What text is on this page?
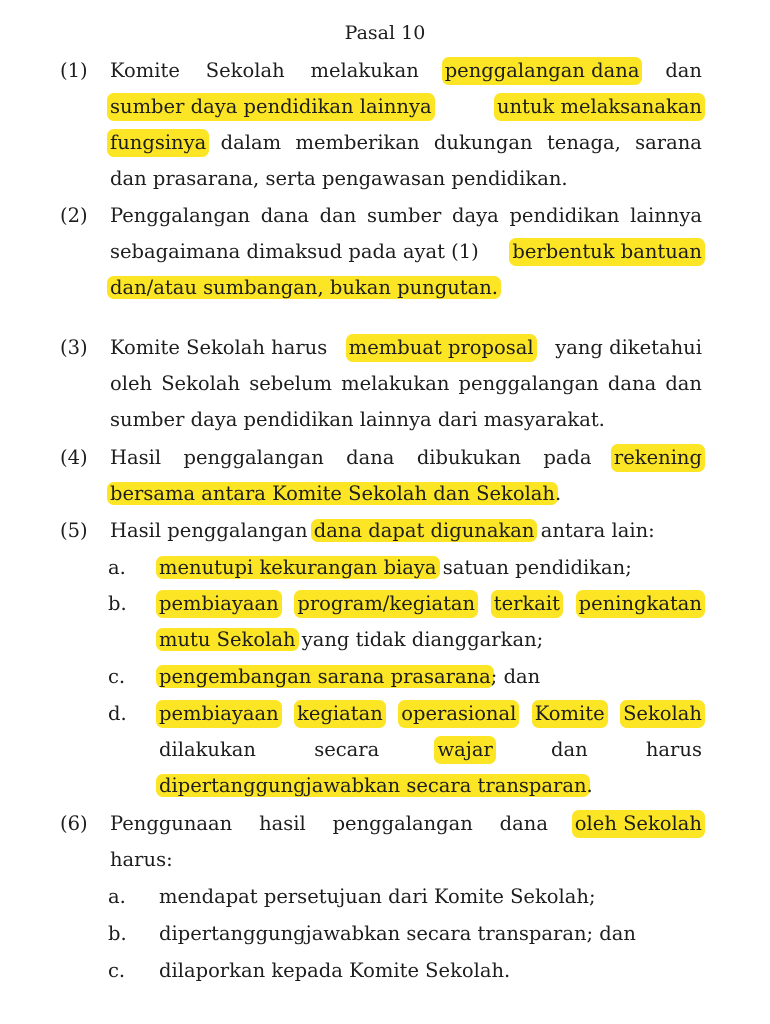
Pasal 10
(1) Komite Sekolah melakukan penggalangan dana dan
sumber daya pendidikan lainnya	untuk melaksanakan
fungsinya dalam memberikan dukungan tenaga, sarana
dan prasarana, serta pengawasan pendidikan.
(2) Penggalangan dana dan sumber daya pendidikan lainnya
sebagaimana dimaksud pada ayat (1) berbentuk bantuan
dan/atau sumbangan, bukan pungutan.
(3) Komite Sekolah harus membuat proposal yang diketahui
oleh Sekolah sebelum melakukan penggalangan dana dan
sumber daya pendidikan lainnya dari masyarakat.
(4) Hasil penggalangan dana dibukukan pada rekening
bersama antara Komite Sekolah dan Sekolah.
(5) Hasil penggalangan dana dapat digunakan antara lain:
a. menutupi kekurangan biaya satuan pendidikan;
b. pembiayaan program/kegiatan terkait peningkatan
mutu Sekolah yang tidak dianggarkan;
c. pengembangan sarana prasarana; dan
d. pembiayaan kegiatan operasional Komite Sekolah
dilakukan	secara	wajar	dan	harus
dipertanggungjawabkan secara transparan.
(6) Penggunaan hasil penggalangan dana oleh Sekolah
harus:
a. mendapat persetujuan dari Komite Sekolah;
b. dipertanggungjawabkan secara transparan; dan
c. dilaporkan kepada Komite Sekolah.
